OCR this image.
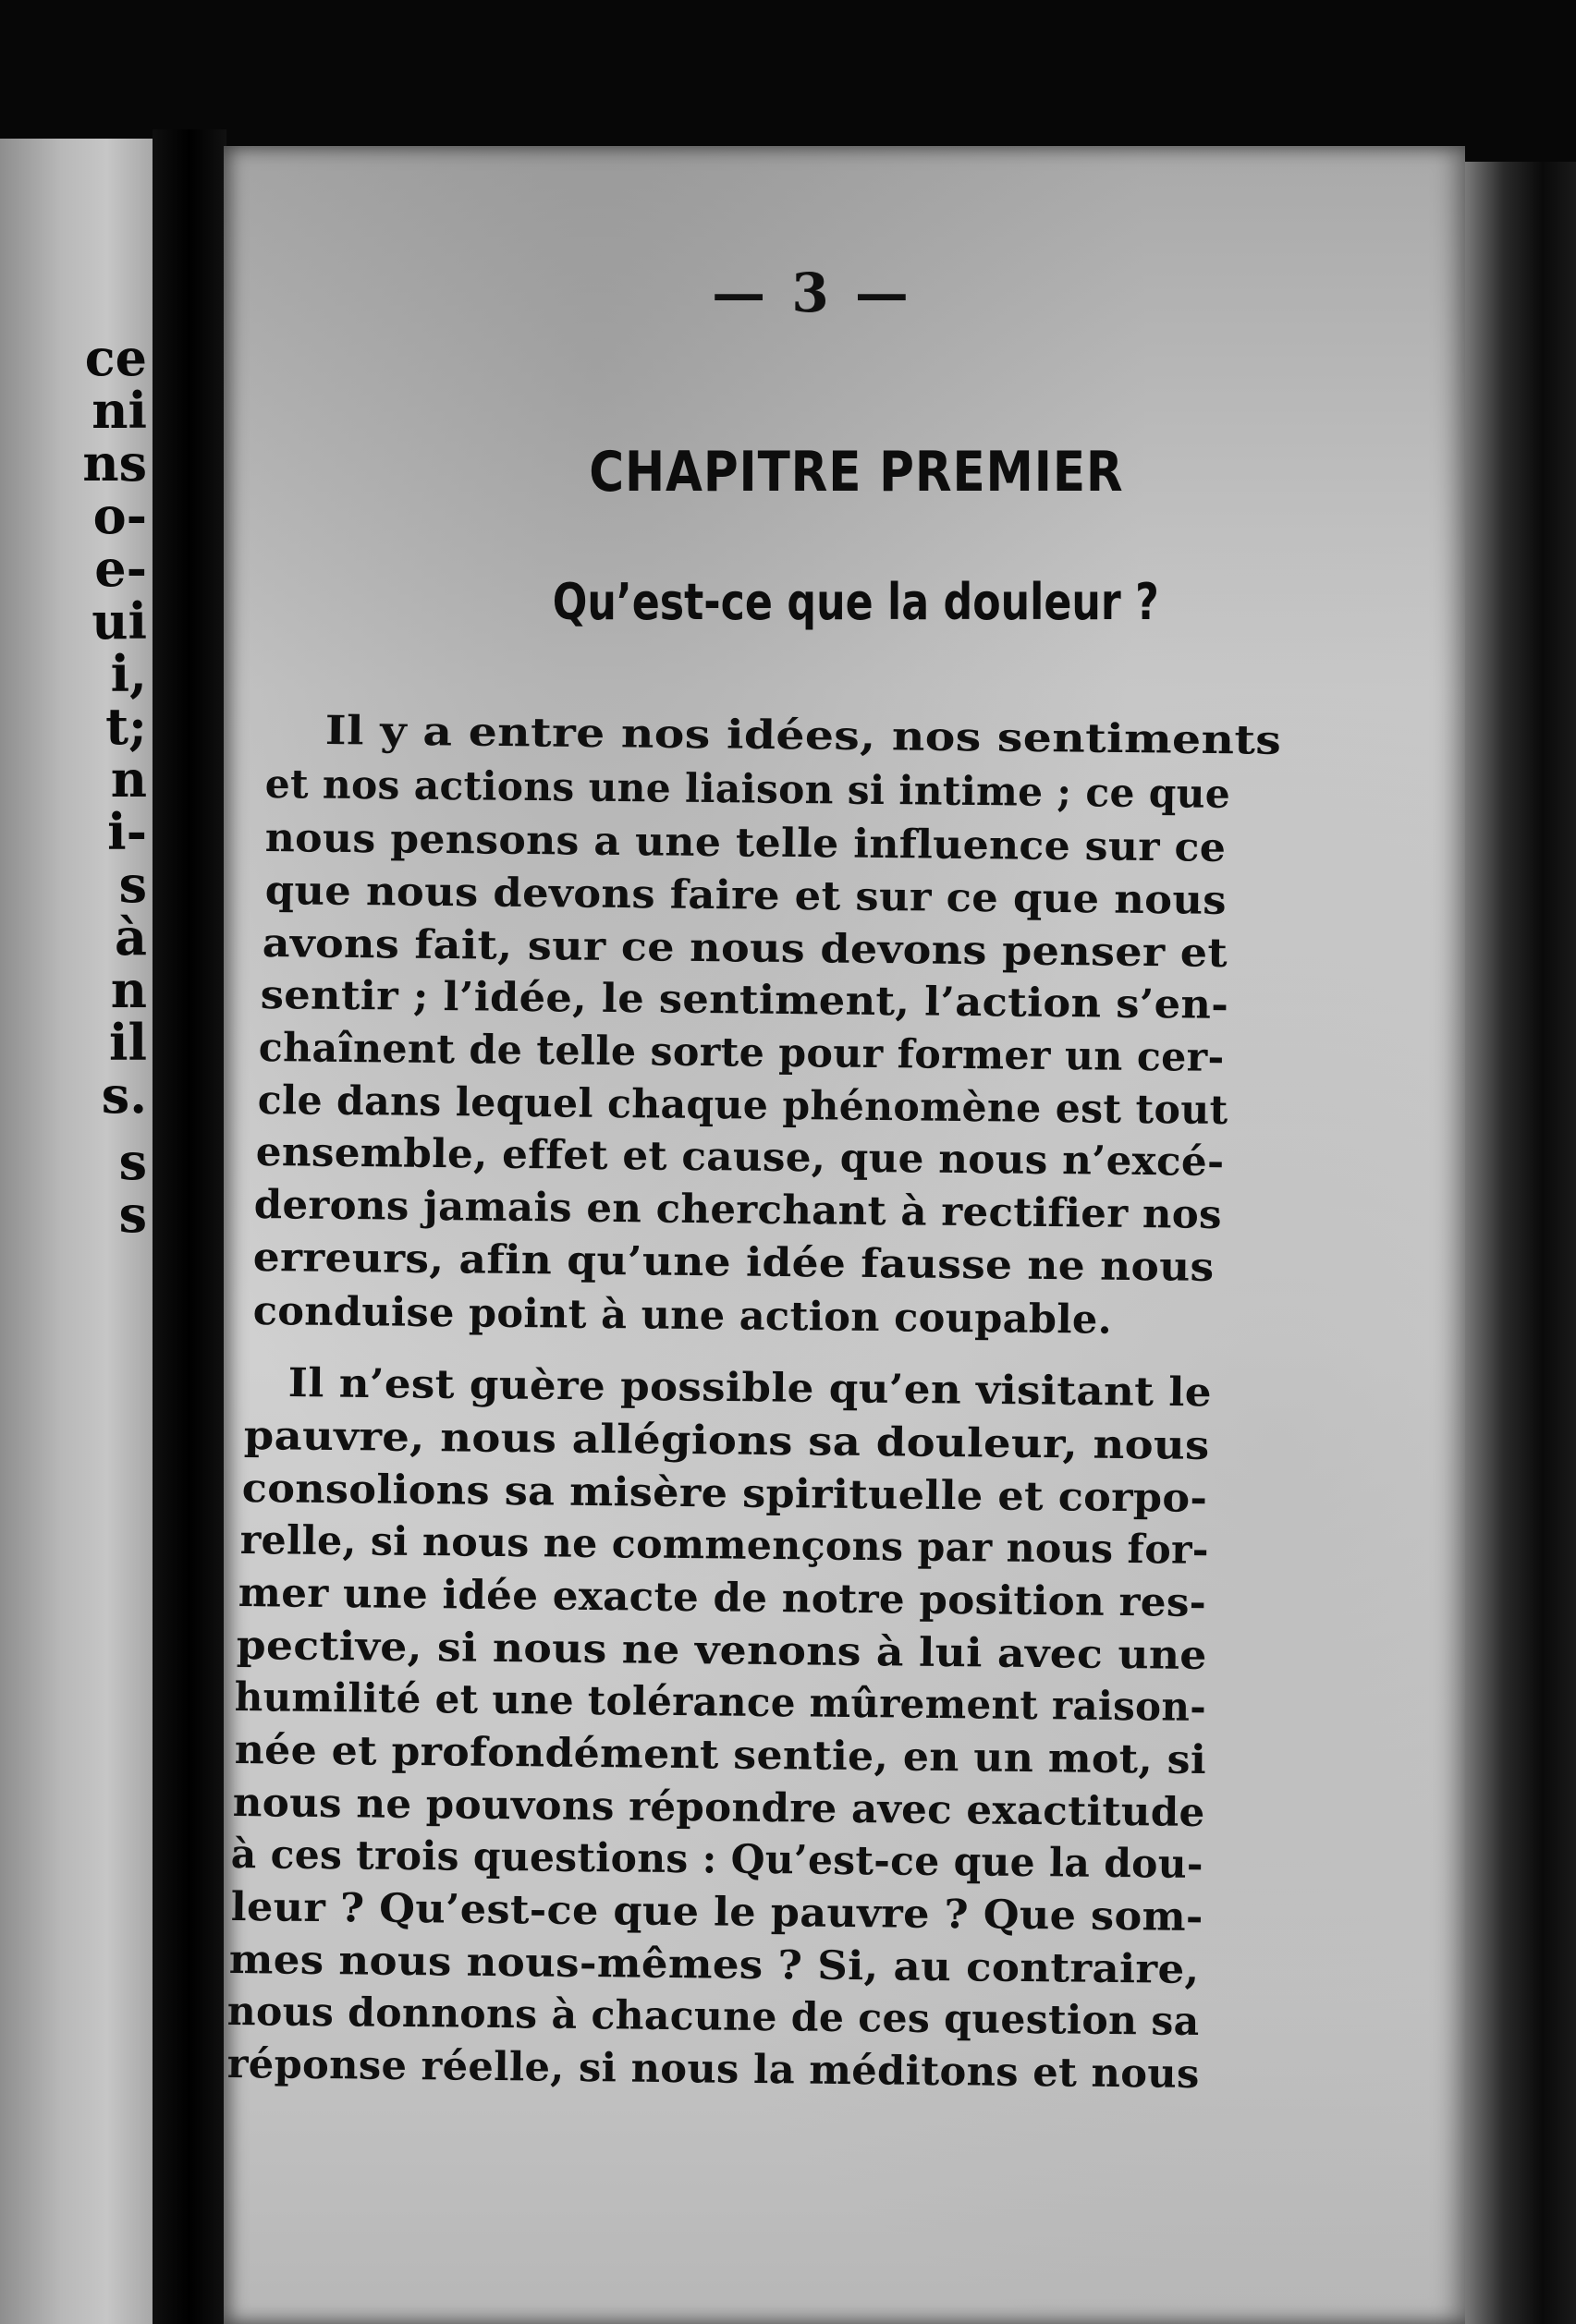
ce
ni
ns
o-
e-
ui
i,
t;
n
i-
s
à
n
il
s.
s
s
— 3 —
CHAPITRE PREMIER
Qu’est-ce que la douleur ?
Il y a entre nos idées, nos sentiments
et nos actions une liaison si intime ; ce que
nous pensons a une telle influence sur ce
que nous devons faire et sur ce que nous
avons fait, sur ce nous devons penser et
sentir ; l’idée, le sentiment, l’action s’en-
chaînent de telle sorte pour former un cer-
cle dans lequel chaque phénomène est tout
ensemble, effet et cause, que nous n’excé-
derons jamais en cherchant à rectifier nos
erreurs, afin qu’une idée fausse ne nous
conduise point à une action coupable.
Il n’est guère possible qu’en visitant le
pauvre, nous allégions sa douleur, nous
consolions sa misère spirituelle et corpo-
relle, si nous ne commençons par nous for-
mer une idée exacte de notre position res-
pective, si nous ne venons à lui avec une
humilité et une tolérance mûrement raison-
née et profondément sentie, en un mot, si
nous ne pouvons répondre avec exactitude
à ces trois questions : Qu’est-ce que la dou-
leur ? Qu’est-ce que le pauvre ? Que som-
mes nous nous-mêmes ? Si, au contraire,
nous donnons à chacune de ces question sa
réponse réelle, si nous la méditons et nous
